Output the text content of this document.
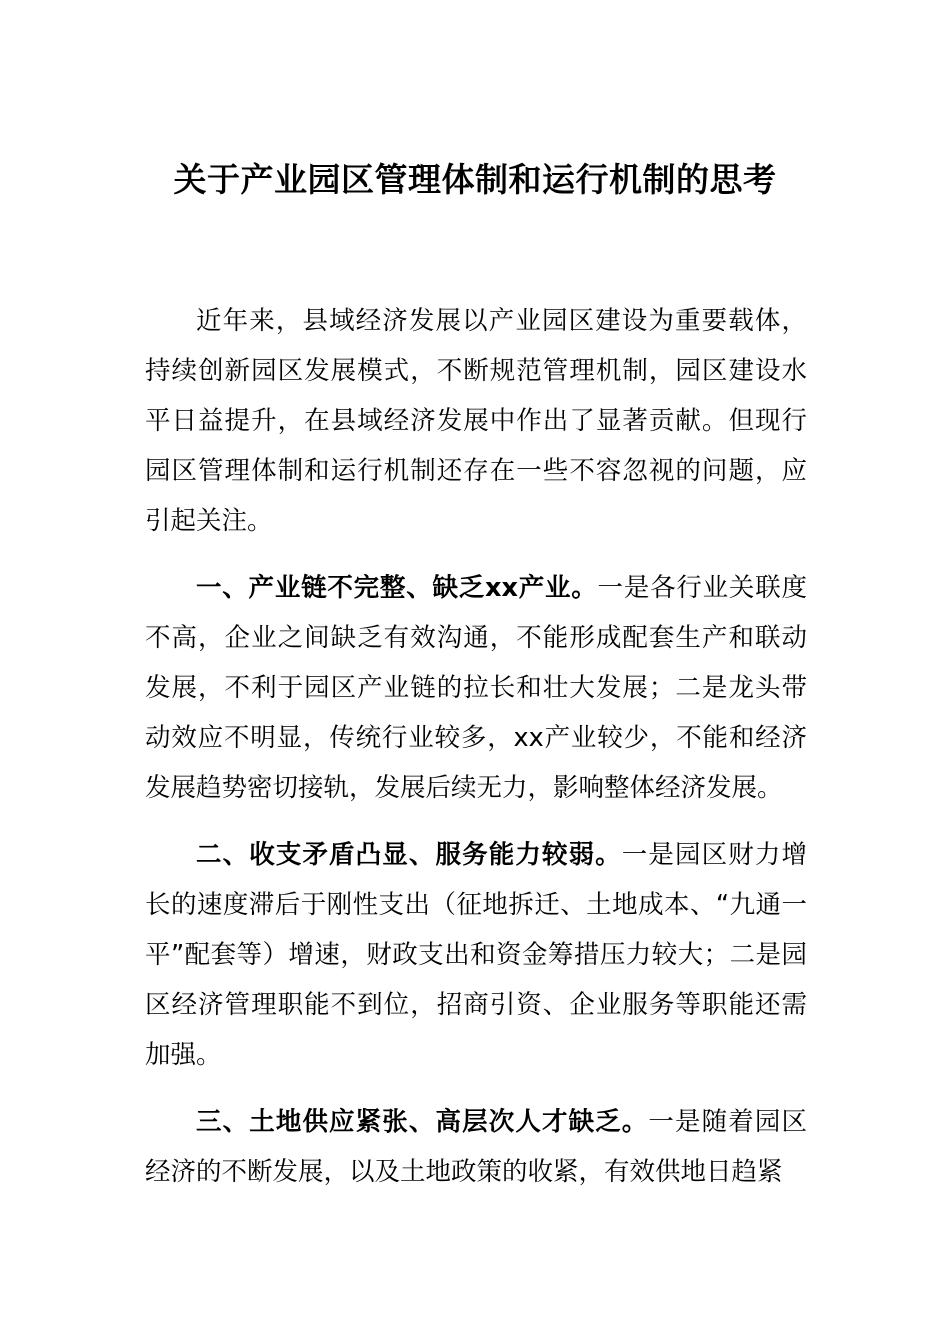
关于产业园区管理体制和运行机制的思考

近年来，县域经济发展以产业园区建设为重要载体，持续创新园区发展模式，不断规范管理机制，园区建设水平日益提升，在县域经济发展中作出了显著贡献。但现行园区管理体制和运行机制还存在一些不容忽视的问题，应引起关注。

一、产业链不完整、缺乏xx产业。一是各行业关联度不高，企业之间缺乏有效沟通，不能形成配套生产和联动发展，不利于园区产业链的拉长和壮大发展；二是龙头带动效应不明显，传统行业较多，xx产业较少，不能和经济发展趋势密切接轨，发展后续无力，影响整体经济发展。

二、收支矛盾凸显、服务能力较弱。一是园区财力增长的速度滞后于刚性支出（征地拆迁、土地成本、“九通一平”配套等）增速，财政支出和资金筹措压力较大；二是园区经济管理职能不到位，招商引资、企业服务等职能还需加强。

三、土地供应紧张、高层次人才缺乏。一是随着园区经济的不断发展，以及土地政策的收紧，有效供地日趋紧
